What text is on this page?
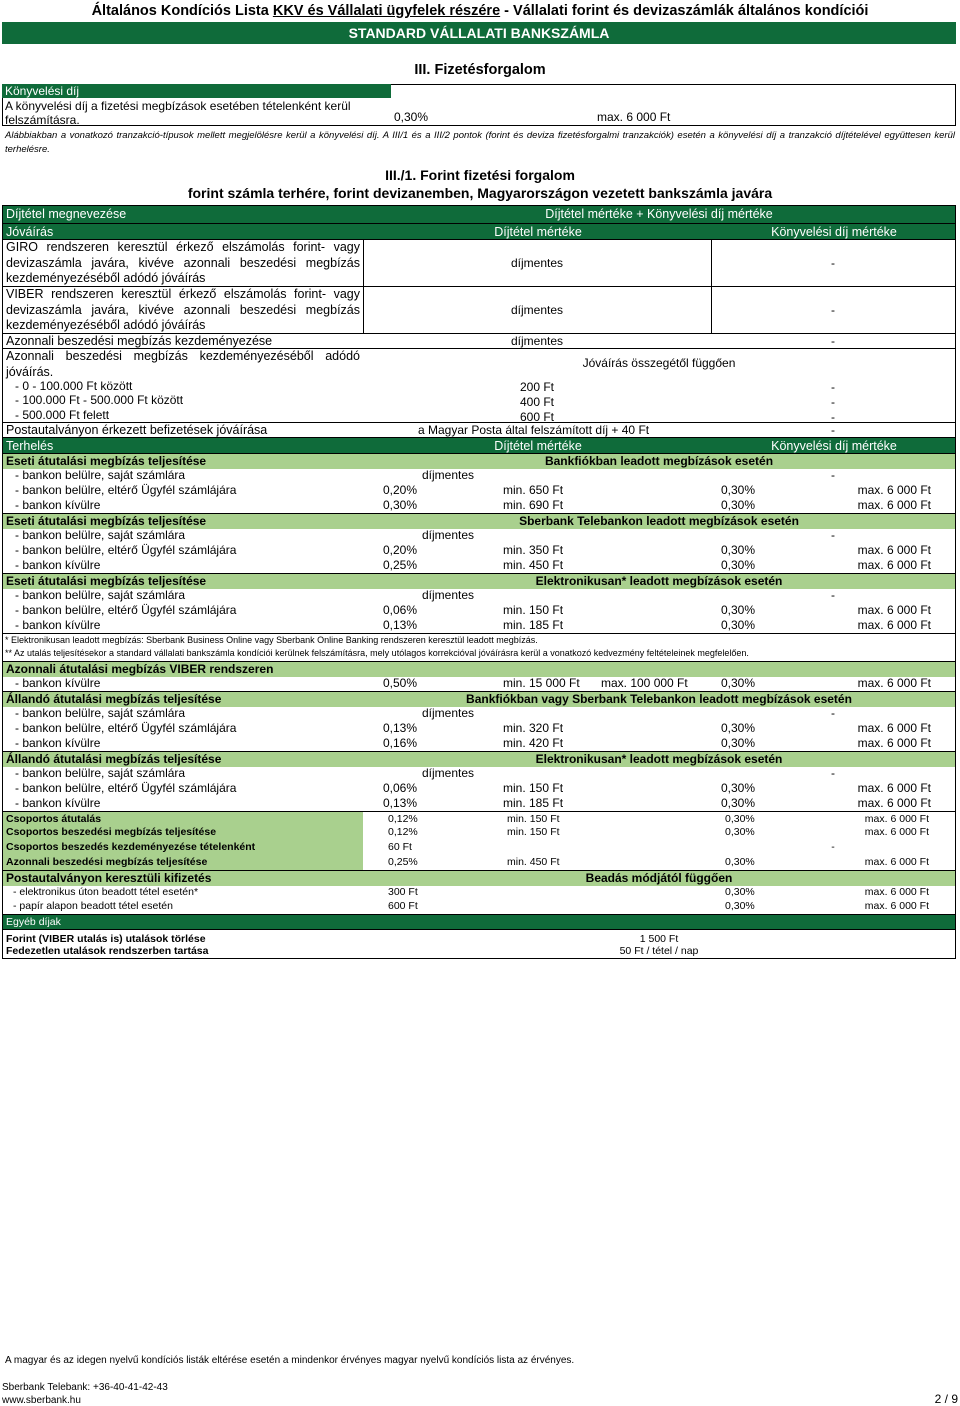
Általános Kondíciós Lista KKV és Vállalati ügyfelek részére - Vállalati forint és devizaszámlák általános kondíciói
STANDARD VÁLLALATI BANKSZÁMLA
III. Fizetésforgalom
Könyvelési díj
A könyvelési díj a fizetési megbízások esetében tételenként kerül felszámításra.	0,30%	max. 6 000 Ft
Alábbiakban a vonatkozó tranzakció-típusok mellett megjelölésre kerül a könyvelési díj. A III/1 és a III/2 pontok (forint és deviza fizetésforgalmi tranzakciók) esetén a könyvelési díj a tranzakció díjtételével együttesen kerül terhelésre.
III./1. Forint fizetési forgalom
forint számla terhére, forint devizanemben, Magyarországon vezetett bankszámla javára
Díjtétel megnevezése	Díjtétel mértéke + Könyvelési díj mértéke
Jóváírás	Díjtétel mértéke	Könyvelési díj mértéke
GIRO rendszeren keresztül érkező elszámolás forint- vagy devizaszámla javára, kivéve azonnali beszedési megbízás kezdeményezéséből adódó jóváírás
díjmentes	-
VIBER rendszeren keresztül érkező elszámolás forint- vagy devizaszámla javára, kivéve azonnali beszedési megbízás kezdeményezéséből adódó jóváírás
díjmentes	-
Azonnali beszedési megbízás kezdeményezése	díjmentes	-
Azonnali beszedési megbízás kezdeményezéséből adódó jóváírás.
Jóváírás összegétől függően
- 0 - 100.000 Ft között	200 Ft	-
- 100.000 Ft - 500.000 Ft között	400 Ft	-
- 500.000 Ft felett	600 Ft	-
Postautalványon érkezett befizetések jóváírása	a Magyar Posta által felszámított díj + 40 Ft	-
Terhelés	Díjtétel mértéke	Könyvelési díj mértéke
Eseti átutalási megbízás teljesítése	Bankfiókban leadott megbízások esetén
- bankon belülre, saját számlára	díjmentes	-
- bankon belülre, eltérő Ügyfél számlájára	0,20%	min. 650 Ft	0,30%	max. 6 000 Ft
- bankon kívülre	0,30%	min. 690 Ft	0,30%	max. 6 000 Ft
Eseti átutalási megbízás teljesítése	Sberbank Telebankon leadott megbízások esetén
- bankon belülre, saját számlára	díjmentes	-
- bankon belülre, eltérő Ügyfél számlájára	0,20%	min. 350 Ft	0,30%	max. 6 000 Ft
- bankon kívülre	0,25%	min. 450 Ft	0,30%	max. 6 000 Ft
Eseti átutalási megbízás teljesítése	Elektronikusan* leadott megbízások esetén
- bankon belülre, saját számlára	díjmentes	-
- bankon belülre, eltérő Ügyfél számlájára	0,06%	min. 150 Ft	0,30%	max. 6 000 Ft
- bankon kívülre	0,13%	min. 185 Ft	0,30%	max. 6 000 Ft
* Elektronikusan leadott megbízás: Sberbank Business Online vagy Sberbank Online Banking rendszeren keresztül leadott megbízás.
** Az utalás teljesítésekor a standard vállalati bankszámla kondíciói kerülnek felszámításra, mely utólagos korrekcióval jóváírásra kerül a vonatkozó kedvezmény feltételeinek megfelelően.
Azonnali átutalási megbízás VIBER rendszeren
- bankon kívülre	0,50%	min. 15 000 Ft max. 100 000 Ft	0,30%	max. 6 000 Ft
Állandó átutalási megbízás teljesítése	Bankfiókban vagy Sberbank Telebankon leadott megbízások esetén
- bankon belülre, saját számlára	díjmentes	-
- bankon belülre, eltérő Ügyfél számlájára	0,13%	min. 320 Ft	0,30%	max. 6 000 Ft
- bankon kívülre	0,16%	min. 420 Ft	0,30%	max. 6 000 Ft
Állandó átutalási megbízás teljesítése	Elektronikusan* leadott megbízások esetén
- bankon belülre, saját számlára	díjmentes	-
- bankon belülre, eltérő Ügyfél számlájára	0,06%	min. 150 Ft	0,30%	max. 6 000 Ft
- bankon kívülre	0,13%	min. 185 Ft	0,30%	max. 6 000 Ft
Csoportos átutalás	0,12%	min. 150 Ft	0,30%	max. 6 000 Ft
Csoportos beszedési megbízás teljesítése	0,12%	min. 150 Ft	0,30%	max. 6 000 Ft
Csoportos beszedés kezdeményezése tételenként	60 Ft	-
Azonnali beszedési megbízás teljesítése	0,25%	min. 450 Ft	0,30%	max. 6 000 Ft
Postautalványon keresztüli kifizetés	Beadás módjától függően
- elektronikus úton beadott tétel esetén*	300 Ft	0,30%	max. 6 000 Ft
- papír alapon beadott tétel esetén	600 Ft	0,30%	max. 6 000 Ft
Egyéb díjak
Forint (VIBER utalás is) utalások törlése	1 500 Ft
Fedezetlen utalások rendszerben tartása	50 Ft / tétel / nap
A magyar és az idegen nyelvű kondíciós listák eltérése esetén a mindenkor érvényes magyar nyelvű kondíciós lista az érvényes.
Sberbank Telebank: +36-40-41-42-43
www.sberbank.hu	2 / 9
